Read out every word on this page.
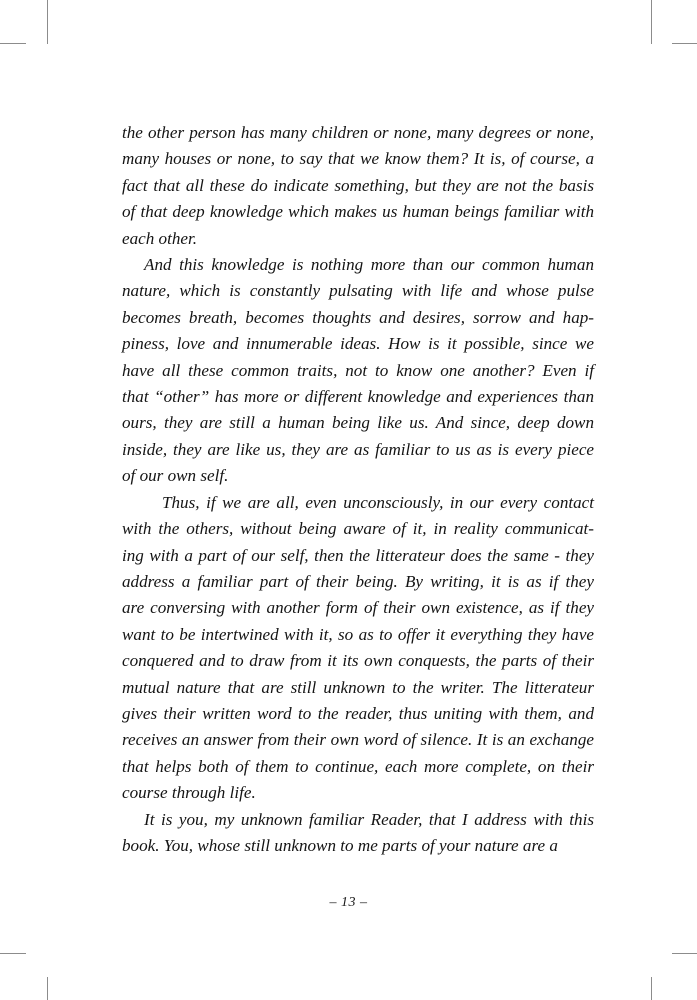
the other person has many children or none, many degrees or none,
many houses or none, to say that we know them? It is, of course, a
fact that all these do indicate something, but they are not the basis
of that deep knowledge which makes us human beings familiar with
each other.

And this knowledge is nothing more than our common human
nature, which is constantly pulsating with life and whose pulse
becomes breath, becomes thoughts and desires, sorrow and hap-
piness, love and innumerable ideas. How is it possible, since we
have all these common traits, not to know one another? Even if
that “other” has more or different knowledge and experiences than
ours, they are still a human being like us. And since, deep down
inside, they are like us, they are as familiar to us as is every piece
of our own self.

Thus, if we are all, even unconsciously, in our every contact
with the others, without being aware of it, in reality communicat-
ing with a part of our self, then the litterateur does the same - they
address a familiar part of their being. By writing, it is as if they
are conversing with another form of their own existence, as if they
want to be intertwined with it, so as to offer it everything they have
conquered and to draw from it its own conquests, the parts of their
mutual nature that are still unknown to the writer. The litterateur
gives their written word to the reader, thus uniting with them, and
receives an answer from their own word of silence. It is an exchange
that helps both of them to continue, each more complete, on their
course through life.

It is you, my unknown familiar Reader, that I address with this
book. You, whose still unknown to me parts of your nature are a

– 13 –
